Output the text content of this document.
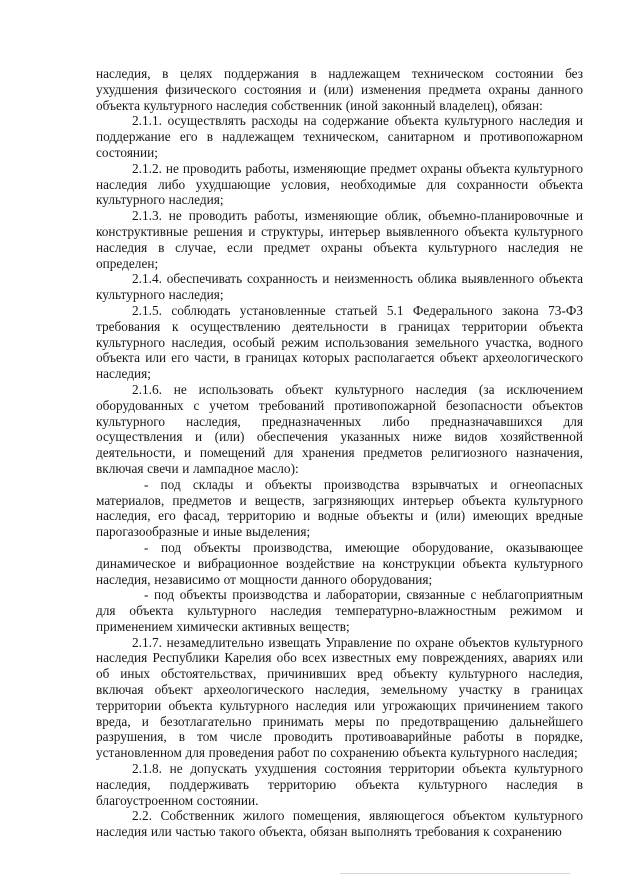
наследия, в целях поддержания в надлежащем техническом состоянии без ухудшения физического состояния и (или) изменения предмета охраны данного объекта культурного наследия собственник (иной законный владелец), обязан:

2.1.1. осуществлять расходы на содержание объекта культурного наследия и поддержание его в надлежащем техническом, санитарном и противопожарном состоянии;

2.1.2. не проводить работы, изменяющие предмет охраны объекта культурного наследия либо ухудшающие условия, необходимые для сохранности объекта культурного наследия;

2.1.3. не проводить работы, изменяющие облик, объемно-планировочные и конструктивные решения и структуры, интерьер выявленного объекта культурного наследия в случае, если предмет охраны объекта культурного наследия не определен;

2.1.4. обеспечивать сохранность и неизменность облика выявленного объекта культурного наследия;

2.1.5. соблюдать установленные статьей 5.1 Федерального закона 73-ФЗ требования к осуществлению деятельности в границах территории объекта культурного наследия, особый режим использования земельного участка, водного объекта или его части, в границах которых располагается объект археологического наследия;

2.1.6. не использовать объект культурного наследия (за исключением оборудованных с учетом требований противопожарной безопасности объектов культурного наследия, предназначенных либо предназначавшихся для осуществления и (или) обеспечения указанных ниже видов хозяйственной деятельности, и помещений для хранения предметов религиозного назначения, включая свечи и лампадное масло):

- под склады и объекты производства взрывчатых и огнеопасных материалов, предметов и веществ, загрязняющих интерьер объекта культурного наследия, его фасад, территорию и водные объекты и (или) имеющих вредные парогазообразные и иные выделения;

- под объекты производства, имеющие оборудование, оказывающее динамическое и вибрационное воздействие на конструкции объекта культурного наследия, независимо от мощности данного оборудования;

- под объекты производства и лаборатории, связанные с неблагоприятным для объекта культурного наследия температурно-влажностным режимом и применением химически активных веществ;

2.1.7. незамедлительно извещать Управление по охране объектов культурного наследия Республики Карелия обо всех известных ему повреждениях, авариях или об иных обстоятельствах, причинивших вред объекту культурного наследия, включая объект археологического наследия, земельному участку в границах территории объекта культурного наследия или угрожающих причинением такого вреда, и безотлагательно принимать меры по предотвращению дальнейшего разрушения, в том числе проводить противоаварийные работы в порядке, установленном для проведения работ по сохранению объекта культурного наследия;

2.1.8. не допускать ухудшения состояния территории объекта культурного наследия, поддерживать территорию объекта культурного наследия в благоустроенном состоянии.

2.2. Собственник жилого помещения, являющегося объектом культурного наследия или частью такого объекта, обязан выполнять требования к сохранению
